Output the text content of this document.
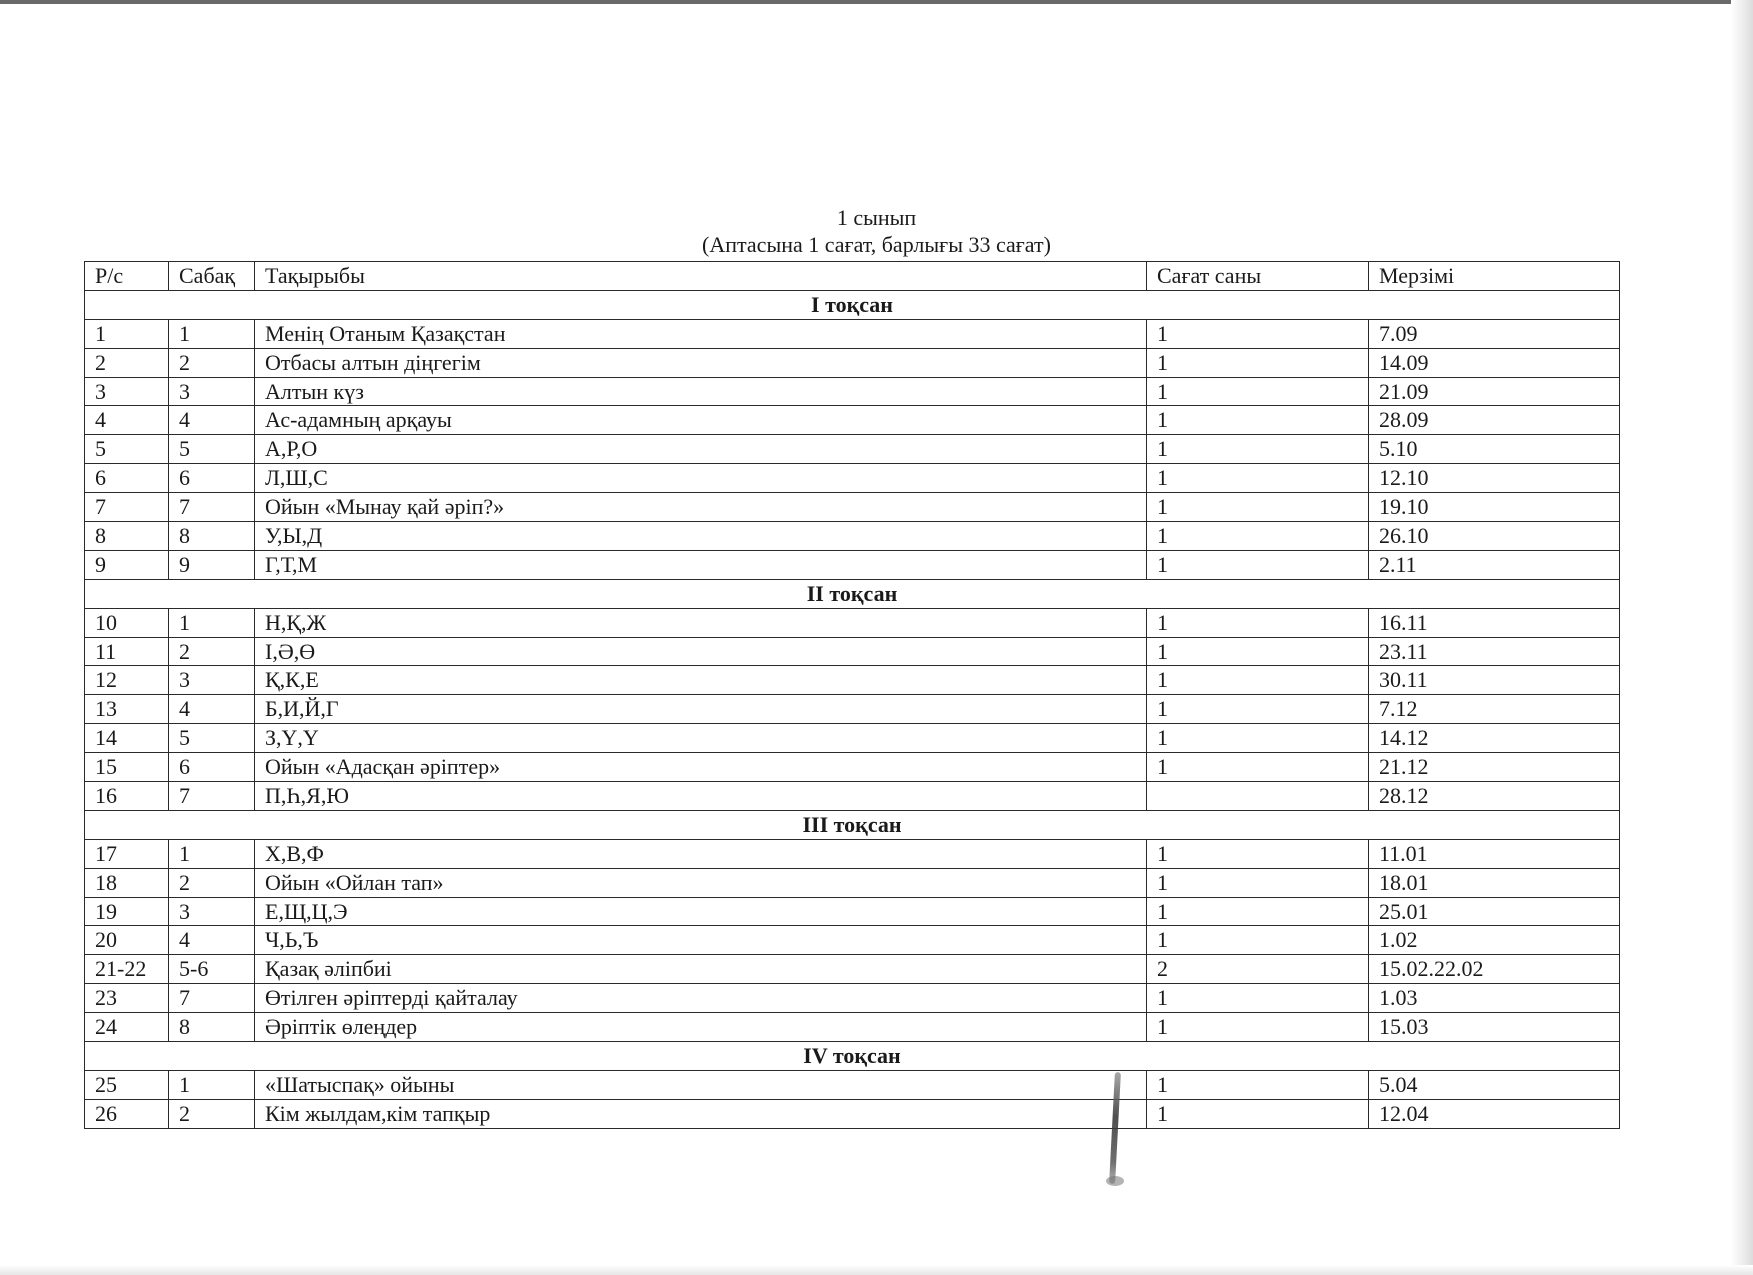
1 сынып
(Аптасына 1 сағат, барлығы 33 сағат)
Р/с	Сабақ	Тақырыбы	Сағат саны	Мерзімі
I тоқсан				
1	1	Менің Отаным Қазақстан	1	7.09
2	2	Отбасы алтын діңгегім	1	14.09
3	3	Алтын күз	1	21.09
4	4	Ас-адамның арқауы	1	28.09
5	5	А,Р,О	1	5.10
6	6	Л,Ш,С	1	12.10
7	7	Ойын «Мынау қай әріп?»	1	19.10
8	8	У,Ы,Д	1	26.10
9	9	Г,Т,М	1	2.11
II тоқсан				
10	1	Н,Қ,Ж	1	16.11
11	2	І,Ә,Ө	1	23.11
12	3	Қ,К,Е	1	30.11
13	4	Б,И,Й,Г	1	7.12
14	5	З,Ү,Y	1	14.12
15	6	Ойын «Адасқан әріптер»	1	21.12
16	7	П,Һ,Я,Ю		28.12
III тоқсан				
17	1	Х,В,Ф	1	11.01
18	2	Ойын «Ойлан тап»	1	18.01
19	3	Е,Щ,Ц,Э	1	25.01
20	4	Ч,Ь,Ъ	1	1.02
21-22	5-6	Қазақ әліпбиі	2	15.02.22.02
23	7	Өтілген әріптерді қайталау	1	1.03
24	8	Әріптік өлеңдер	1	15.03
IV тоқсан				
25	1	«Шатыспақ» ойыны	1	5.04
26	2	Кім жылдам,кім тапқыр	1	12.04
